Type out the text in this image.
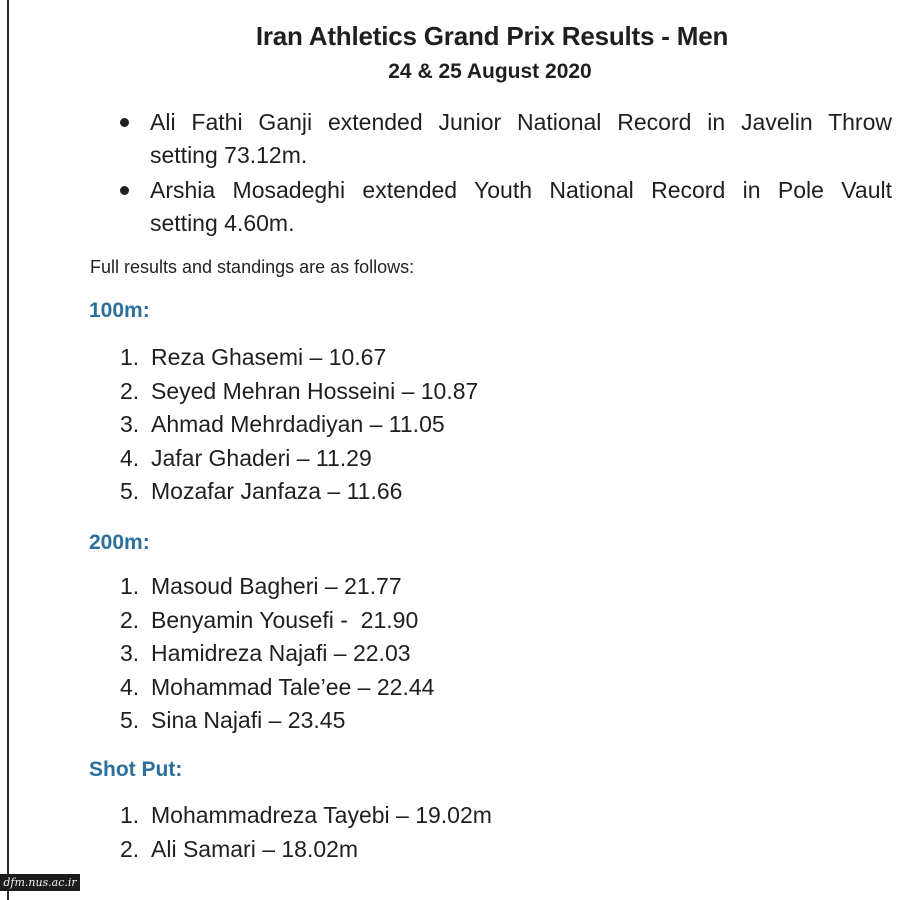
Iran Athletics Grand Prix Results - Men
24 & 25 August 2020
Ali Fathi Ganji extended Junior National Record in Javelin Throw
setting 73.12m.
Arshia Mosadeghi extended Youth National Record in Pole Vault
setting 4.60m.
Full results and standings are as follows:
100m:
1. Reza Ghasemi – 10.67
2. Seyed Mehran Hosseini – 10.87
3. Ahmad Mehrdadiyan – 11.05
4. Jafar Ghaderi – 11.29
5. Mozafar Janfaza – 11.66
200m:
1. Masoud Bagheri – 21.77
2. Benyamin Yousefi -  21.90
3. Hamidreza Najafi – 22.03
4. Mohammad Tale’ee – 22.44
5. Sina Najafi – 23.45
Shot Put:
1. Mohammadreza Tayebi – 19.02m
2. Ali Samari – 18.02m
dfm.nus.ac.ir
